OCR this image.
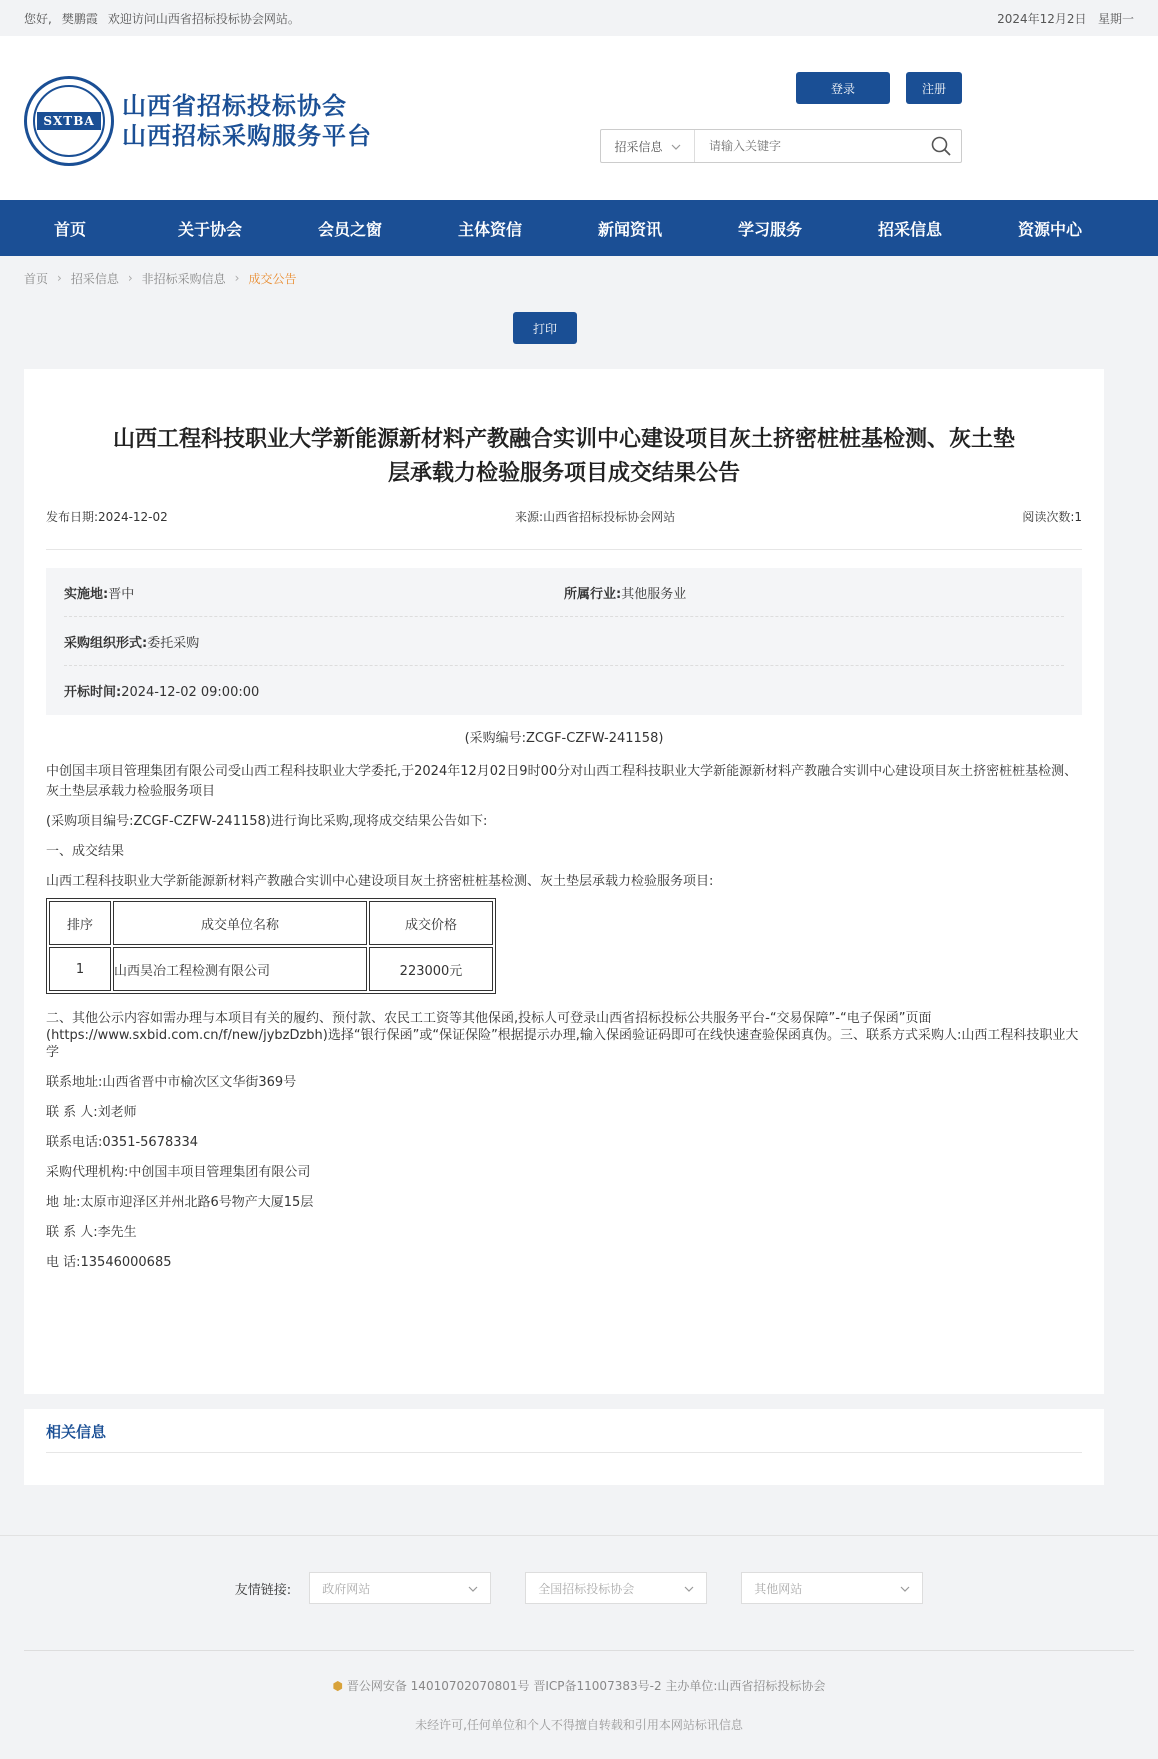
您好, 樊鹏霞 欢迎访问山西省招标投标协会网站。	2024年12月2日 星期一
SXTBA
山西省招标投标协会
山西招标采购服务平台
登录	注册
招采信息
请输入关键字
首页	关于协会	会员之窗	主体资信	新闻资讯	学习服务	招采信息	资源中心
首页 › 招采信息 › 非招标采购信息 › 成交公告
打印
山西工程科技职业大学新能源新材料产教融合实训中心建设项目灰土挤密桩桩基检测、灰土垫
层承载力检验服务项目成交结果公告
发布日期:2024-12-02	来源:山西省招标投标协会网站	阅读次数:1
实施地:晋中	所属行业:其他服务业
采购组织形式:委托采购
开标时间:2024-12-02 09:00:00

(采购编号:ZCGF-CZFW-241158)

中创国丰项目管理集团有限公司受山西工程科技职业大学委托,于2024年12月02日9时00分对山西工程科技职业大学新能源新材料产教融合实训中心建设项目灰土挤密桩桩基检测、灰土垫层承载力检验服务项目

(采购项目编号:ZCGF-CZFW-241158)进行询比采购,现将成交结果公告如下:

一、成交结果

山西工程科技职业大学新能源新材料产教融合实训中心建设项目灰土挤密桩桩基检测、灰土垫层承载力检验服务项目:

排序	成交单位名称	成交价格
1	山西昊冶工程检测有限公司	223000元

二、其他公示内容如需办理与本项目有关的履约、预付款、农民工工资等其他保函,投标人可登录山西省招标投标公共服务平台-“交易保障”-“电子保函”页面(https://www.sxbid.com.cn/f/new/jybzDzbh)选择“银行保函”或“保证保险”根据提示办理,输入保函验证码即可在线快速查验保函真伪。三、联系方式采购人:山西工程科技职业大学

联系地址:山西省晋中市榆次区文华街369号

联 系 人:刘老师

联系电话:0351-5678334

采购代理机构:中创国丰项目管理集团有限公司

地 址:太原市迎泽区并州北路6号物产大厦15层

联 系 人:李先生

电 话:13546000685

相关信息
友情链接:	政府网站	全国招标投标协会	其他网站
⬢ 晋公网安备 14010702070801号 晋ICP备11007383号-2 主办单位:山西省招标投标协会
未经许可,任何单位和个人不得擅自转载和引用本网站标讯信息
